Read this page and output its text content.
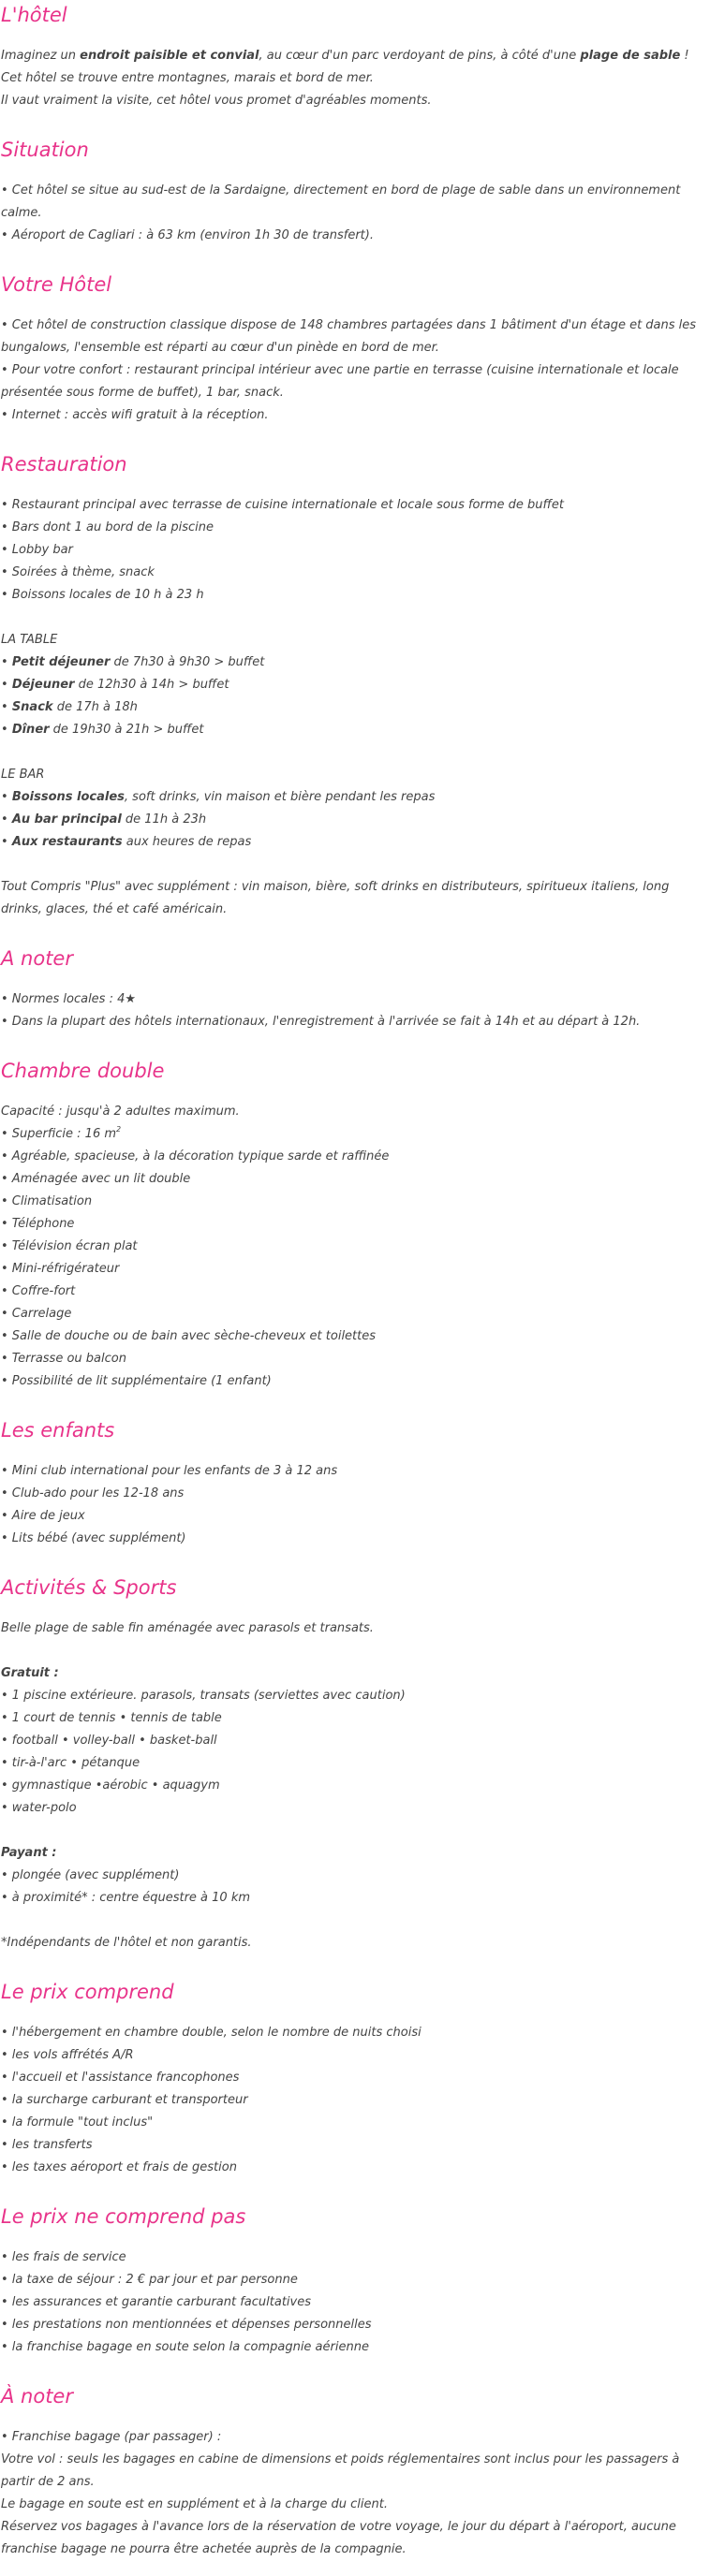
L'hôtel

Imaginez un endroit paisible et convial, au cœur d'un parc verdoyant de pins, à côté d'une plage de sable ! Cet hôtel se trouve entre montagnes, marais et bord de mer.

Il vaut vraiment la visite, cet hôtel vous promet d'agréables moments.

Situation

• Cet hôtel se situe au sud-est de la Sardaigne, directement en bord de plage de sable dans un environnement calme.

• Aéroport de Cagliari : à 63 km (environ 1h 30 de transfert).

Votre Hôtel

• Cet hôtel de construction classique dispose de 148 chambres partagées dans 1 bâtiment d'un étage et dans les bungalows, l'ensemble est réparti au cœur d'un pinède en bord de mer.

• Pour votre confort : restaurant principal intérieur avec une partie en terrasse (cuisine internationale et locale présentée sous forme de buffet), 1 bar, snack.

• Internet : accès wifi gratuit à la réception.

Restauration

• Restaurant principal avec terrasse de cuisine internationale et locale sous forme de buffet

• Bars dont 1 au bord de la piscine

• Lobby bar

• Soirées à thème, snack

• Boissons locales de 10 h à 23 h

LA TABLE

• Petit déjeuner de 7h30 à 9h30 > buffet

• Déjeuner de 12h30 à 14h > buffet

• Snack de 17h à 18h

• Dîner de 19h30 à 21h > buffet

LE BAR

• Boissons locales, soft drinks, vin maison et bière pendant les repas

• Au bar principal de 11h à 23h

• Aux restaurants aux heures de repas

Tout Compris "Plus" avec supplément : vin maison, bière, soft drinks en distributeurs, spiritueux italiens, long drinks, glaces, thé et café américain.

A noter

• Normes locales : 4★

• Dans la plupart des hôtels internationaux, l'enregistrement à l'arrivée se fait à 14h et au départ à 12h.

Chambre double

Capacité : jusqu'à 2 adultes maximum.

• Superficie : 16 $m^2$

• Agréable, spacieuse, à la décoration typique sarde et raffinée

• Aménagée avec un lit double

• Climatisation

• Téléphone

• Télévision écran plat

• Mini-réfrigérateur

• Coffre-fort

• Carrelage

• Salle de douche ou de bain avec sèche-cheveux et toilettes

• Terrasse ou balcon

• Possibilité de lit supplémentaire (1 enfant)

Les enfants

• Mini club international pour les enfants de 3 à 12 ans

• Club-ado pour les 12-18 ans

• Aire de jeux

• Lits bébé (avec supplément)

Activités & Sports

Belle plage de sable fin aménagée avec parasols et transats.

Gratuit :

• 1 piscine extérieure. parasols, transats (serviettes avec caution)

• 1 court de tennis • tennis de table

• football • volley-ball • basket-ball

• tir-à-l'arc • pétanque

• gymnastique •aérobic • aquagym

• water-polo

Payant :

• plongée (avec supplément)

• à proximité* : centre équestre à 10 km

*Indépendants de l'hôtel et non garantis.

Le prix comprend

• l'hébergement en chambre double, selon le nombre de nuits choisi

• les vols affrétés A/R

• l'accueil et l'assistance francophones

• la surcharge carburant et transporteur

• la formule "tout inclus"

• les transferts

• les taxes aéroport et frais de gestion

Le prix ne comprend pas

• les frais de service

• la taxe de séjour : 2 € par jour et par personne

• les assurances et garantie carburant facultatives

• les prestations non mentionnées et dépenses personnelles

• la franchise bagage en soute selon la compagnie aérienne

À noter

• Franchise bagage (par passager) :

Votre vol : seuls les bagages en cabine de dimensions et poids réglementaires sont inclus pour les passagers à partir de 2 ans.

Le bagage en soute est en supplément et à la charge du client.

Réservez vos bagages à l'avance lors de la réservation de votre voyage, le jour du départ à l'aéroport, aucune franchise bagage ne pourra être achetée auprès de la compagnie.
